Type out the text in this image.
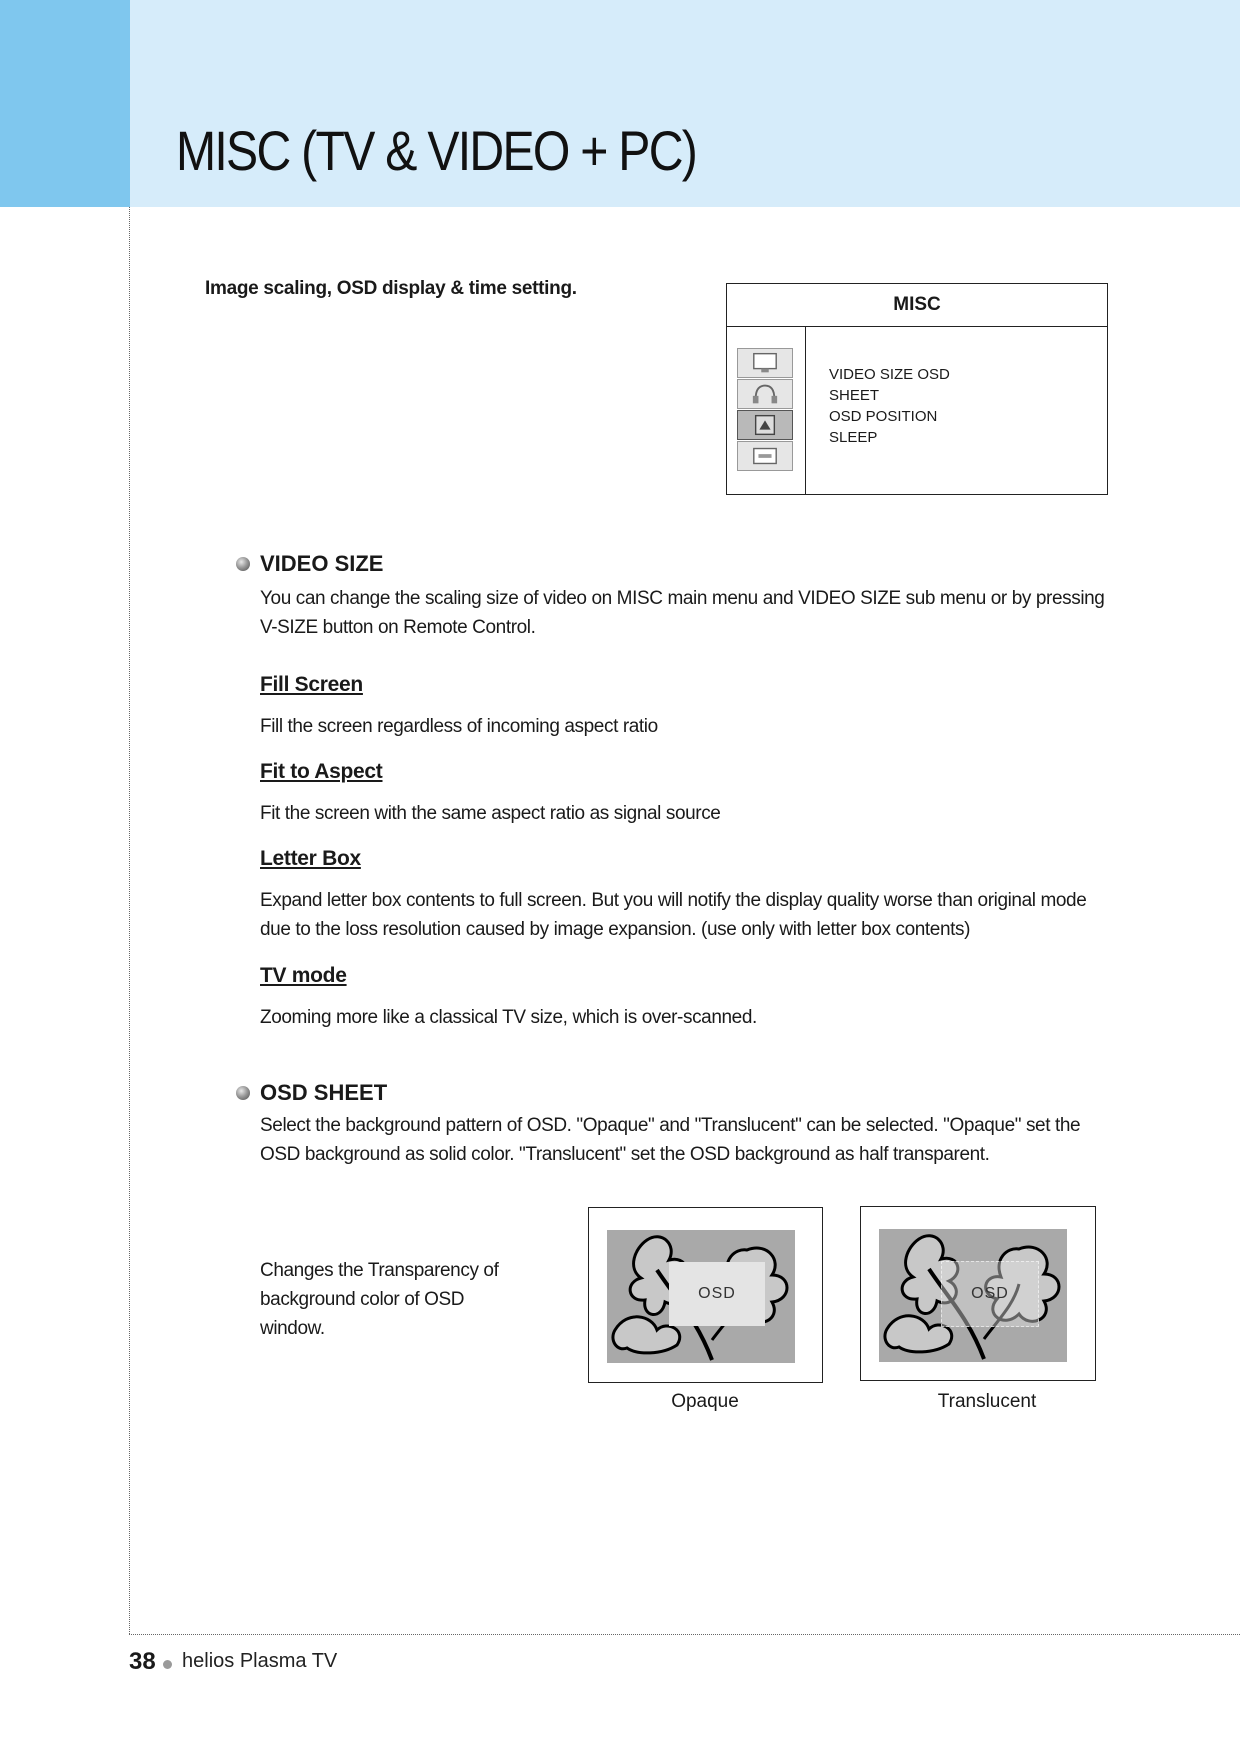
MISC (TV & VIDEO + PC)
Image scaling, OSD display & time setting.
MISC
VIDEO SIZE OSD
SHEET
OSD POSITION
SLEEP
VIDEO SIZE

You can change the scaling size of video on MISC main menu and VIDEO SIZE sub menu or by pressing V-SIZE button on Remote Control.

Fill Screen

Fill the screen regardless of incoming aspect ratio

Fit to Aspect

Fit the screen with the same aspect ratio as signal source

Letter Box

Expand letter box contents to full screen. But you will notify the display quality worse than original mode due to the loss resolution caused by image expansion. (use only with letter box contents)

TV mode

Zooming more like a classical TV size, which is over-scanned.

OSD SHEET

Select the background pattern of OSD. "Opaque" and "Translucent" can be selected. "Opaque" set the OSD background as solid color. "Translucent" set the OSD background as half transparent.

Changes the Transparency of background color of OSD window.

OSD
Opaque
OSD
Translucent
38 helios Plasma TV
